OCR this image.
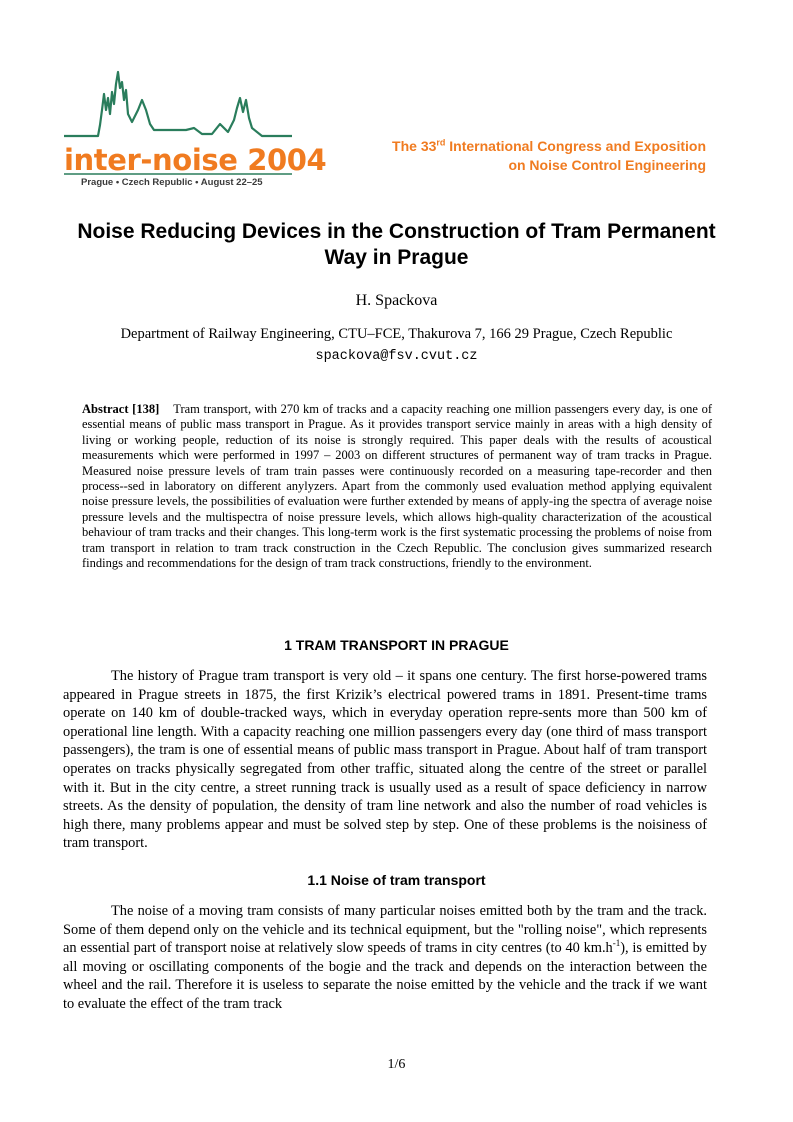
inter-noise 2004

Prague • Czech Republic • August 22–25

The 33rd International Congress and Exposition
on Noise Control Engineering
Noise Reducing Devices in the Construction of Tram Permanent Way in Prague

H. Spackova

Department of Railway Engineering, CTU–FCE, Thakurova 7, 166 29 Prague, Czech Republic

spackova@fsv.cvut.cz

Abstract [138] Tram transport, with 270 km of tracks and a capacity reaching one million passengers every day, is one of essential means of public mass transport in Prague. As it provides transport service mainly in areas with a high density of living or working people, reduction of its noise is strongly required. This paper deals with the results of acoustical measurements which were performed in 1997 – 2003 on different structures of permanent way of tram tracks in Prague. Measured noise pressure levels of tram train passes were continuously recorded on a measuring tape-recorder and then process--sed in laboratory on different anylyzers. Apart from the commonly used evaluation method applying equivalent noise pressure levels, the possibilities of evaluation were further extended by means of apply-ing the spectra of average noise pressure levels and the multispectra of noise pressure levels, which allows high-quality characterization of the acoustical behaviour of tram tracks and their changes. This long-term work is the first systematic processing the problems of noise from tram transport in relation to tram track construction in the Czech Republic. The conclusion gives summarized research findings and recommendations for the design of tram track constructions, friendly to the environment.

1 TRAM TRANSPORT IN PRAGUE

The history of Prague tram transport is very old – it spans one century. The first horse-powered trams appeared in Prague streets in 1875, the first Krizik’s electrical powered trams in 1891. Present-time trams operate on 140 km of double-tracked ways, which in everyday operation repre-sents more than 500 km of operational line length. With a capacity reaching one million passengers every day (one third of mass transport passengers), the tram is one of essential means of public mass transport in Prague. About half of tram transport operates on tracks physically segregated from other traffic, situated along the centre of the street or parallel with it. But in the city centre, a street running track is usually used as a result of space deficiency in narrow streets. As the density of population, the density of tram line network and also the number of road vehicles is high there, many problems appear and must be solved step by step. One of these problems is the noisiness of tram transport.

1.1 Noise of tram transport

The noise of a moving tram consists of many particular noises emitted both by the tram and the track. Some of them depend only on the vehicle and its technical equipment, but the "rolling noise", which represents an essential part of transport noise at relatively slow speeds of trams in city centres (to 40 $km.h^{-1}$), is emitted by all moving or oscillating components of the bogie and the track and depends on the interaction between the wheel and the rail. Therefore it is useless to separate the noise emitted by the vehicle and the track if we want to evaluate the effect of the tram track

1/6
